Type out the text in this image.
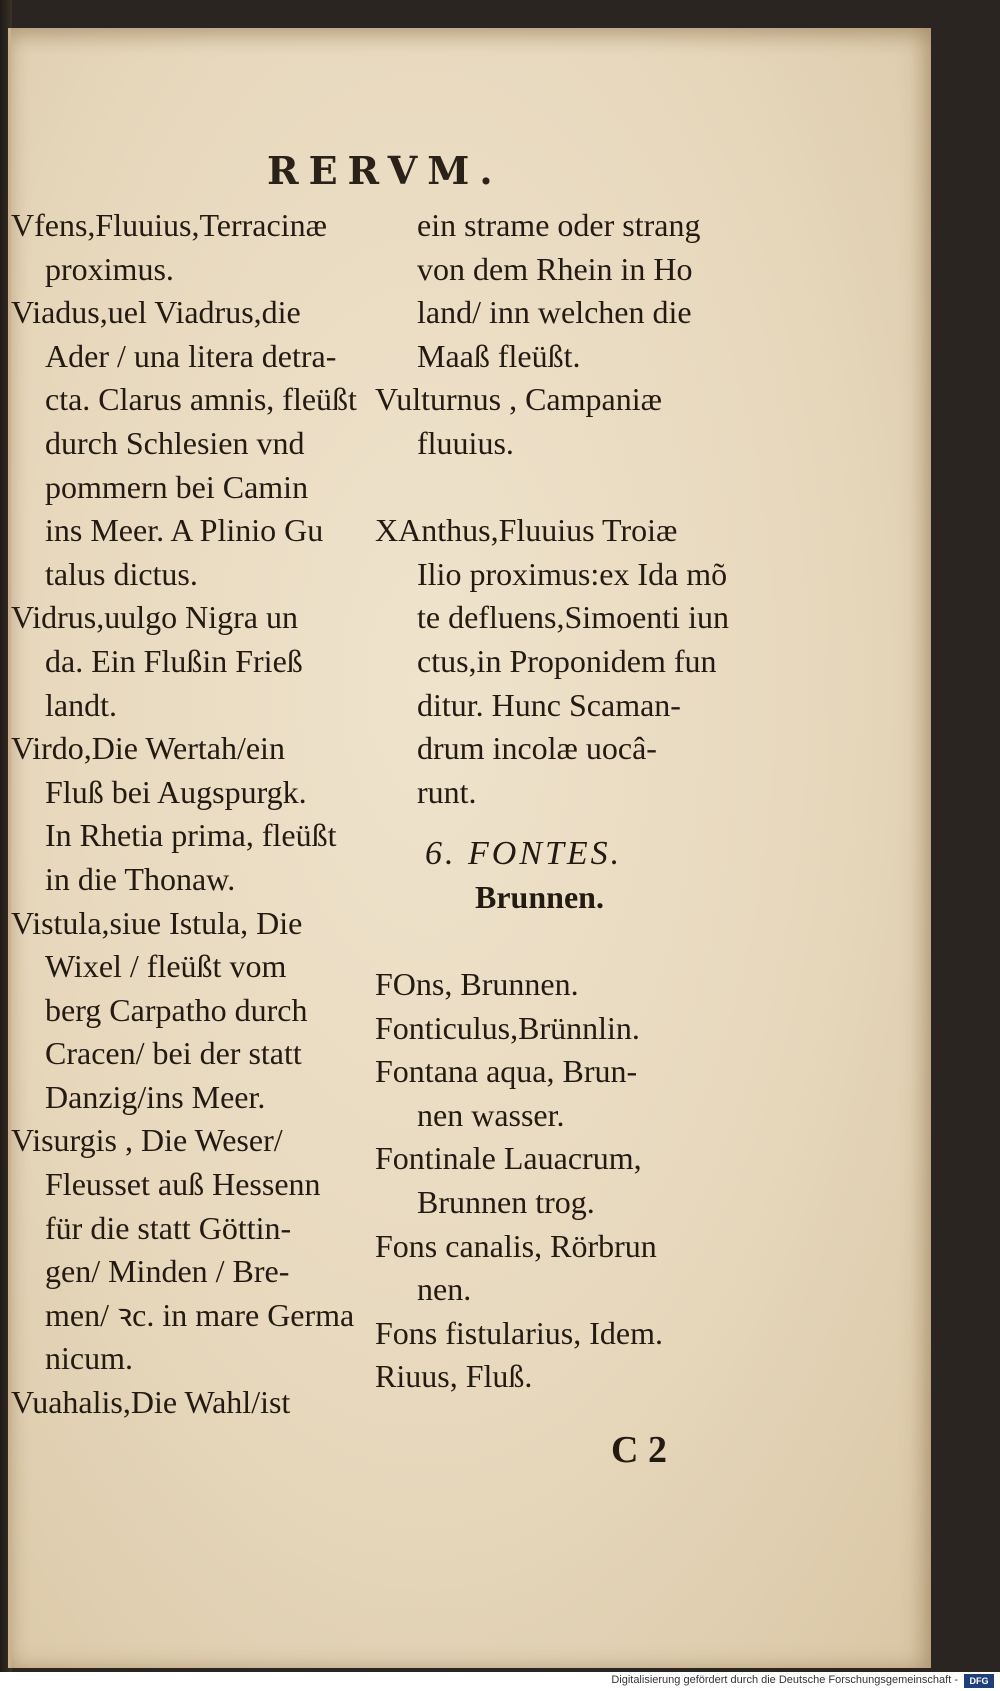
RERVM.
Vfens,Fluuius,Terracinæ
proximus.
Viadus,uel Viadrus,die
Ader / una litera detra-
cta. Clarus amnis, fleüßt
durch Schlesien vnd
pommern bei Camin
ins Meer. A Plinio Gu
talus dictus.
Vidrus,uulgo Nigra un
da. Ein Flußin Frieß
landt.
Virdo,Die Wertah/ein
Fluß bei Augspurgk.
In Rhetia prima, fleüßt
in die Thonaw.
Vistula,siue Istula, Die
Wixel / fleüßt vom
berg Carpatho durch
Cracen/ bei der statt
Danzig/ins Meer.
Visurgis , Die Weser/
Fleusset auß Hessenn
für die statt Göttin-
gen/ Minden / Bre-
men/ ꝛc. in mare Germa
nicum.
Vuahalis,Die Wahl/ist
ein strame oder strang
von dem Rhein in Ho
land/ inn welchen die
Maaß fleüßt.
Vulturnus , Campaniæ
fluuius.
XAnthus,Fluuius Troiæ
Ilio proximus:ex Ida mõ
te defluens,Simoenti iun
ctus,in Proponidem fun
ditur. Hunc Scaman-
drum incolæ uocâ-
runt.
6. FONTES.
Brunnen.
FOns, Brunnen.
Fonticulus,Brünnlin.
Fontana aqua, Brun-
nen wasser.
Fontinale Lauacrum,
Brunnen trog.
Fons canalis, Rörbrun
nen.
Fons fistularius, Idem.
Riuus, Fluß.
C 2
Digitalisierung gefördert durch die Deutsche Forschungsgemeinschaft -	DFG
